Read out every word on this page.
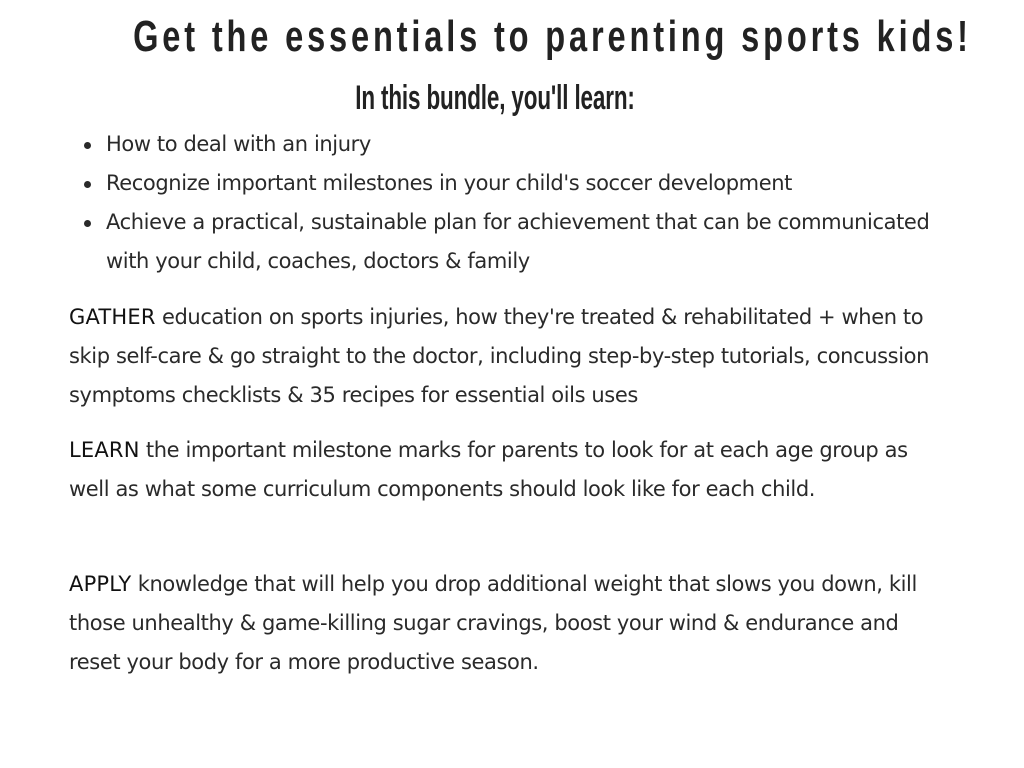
Get the essentials to parenting sports kids!
In this bundle, you'll learn:
How to deal with an injury
Recognize important milestones in your child's soccer development
Achieve a practical, sustainable plan for achievement that can be communicated with your child, coaches, doctors & family

GATHER education on sports injuries, how they're treated & rehabilitated + when to skip self-care & go straight to the doctor, including step-by-step tutorials, concussion symptoms checklists & 35 recipes for essential oils uses

LEARN the important milestone marks for parents to look for at each age group as well as what some curriculum components should look like for each child.

APPLY knowledge that will help you drop additional weight that slows you down, kill those unhealthy & game-killing sugar cravings, boost your wind & endurance and reset your body for a more productive season.
